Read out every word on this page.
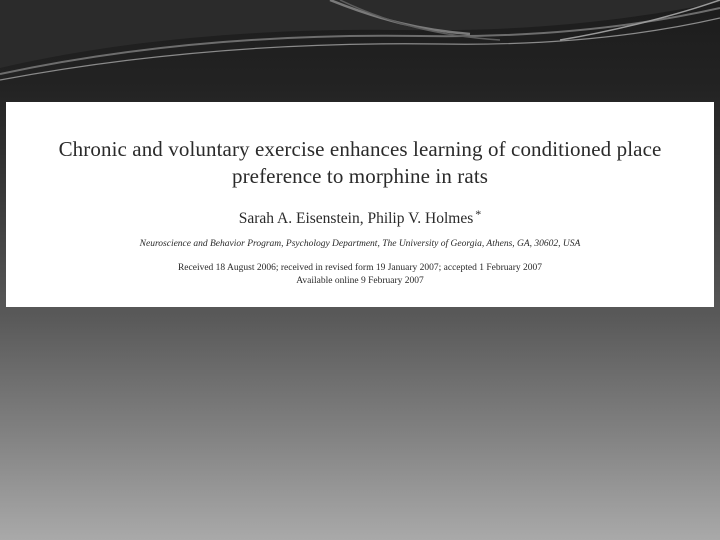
Chronic and voluntary exercise enhances learning of conditioned place
preference to morphine in rats
Sarah A. Eisenstein, Philip V. Holmes *
Neuroscience and Behavior Program, Psychology Department, The University of Georgia, Athens, GA, 30602, USA
Received 18 August 2006; received in revised form 19 January 2007; accepted 1 February 2007
Available online 9 February 2007
